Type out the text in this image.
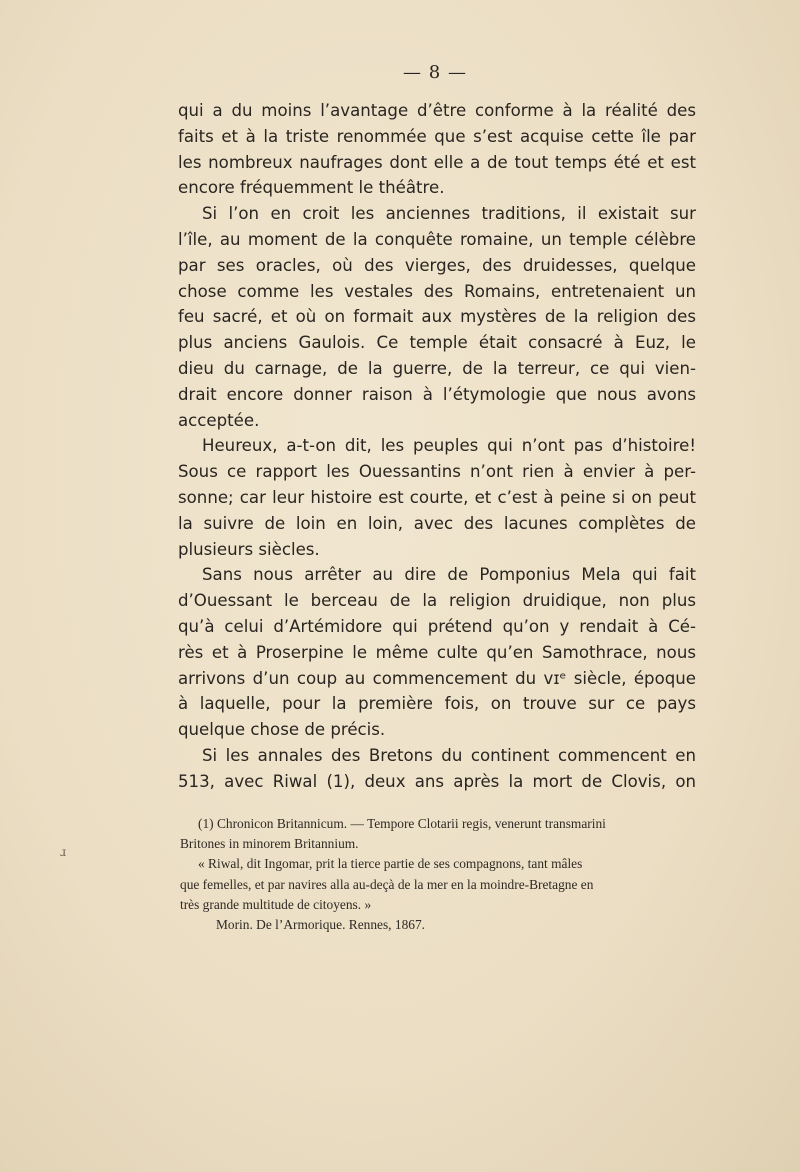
— 8 —

qui a du moins l’avantage d’être conforme à la réalité des
faits et à la triste renommée que s’est acquise cette île par
les nombreux naufrages dont elle a de tout temps été et est
encore fréquemment le théâtre.

Si l’on en croit les anciennes traditions, il existait sur
l’île, au moment de la conquête romaine, un temple célèbre
par ses oracles, où des vierges, des druidesses, quelque
chose comme les vestales des Romains, entretenaient un
feu sacré, et où on formait aux mystères de la religion des
plus anciens Gaulois. Ce temple était consacré à Euz, le
dieu du carnage, de la guerre, de la terreur, ce qui vien-
drait encore donner raison à l’étymologie que nous avons
acceptée.

Heureux, a-t-on dit, les peuples qui n’ont pas d’histoire!
Sous ce rapport les Ouessantins n’ont rien à envier à per-
sonne; car leur histoire est courte, et c’est à peine si on peut
la suivre de loin en loin, avec des lacunes complètes de
plusieurs siècles.

Sans nous arrêter au dire de Pomponius Mela qui fait
d’Ouessant le berceau de la religion druidique, non plus
qu’à celui d’Artémidore qui prétend qu’on y rendait à Cé-
rès et à Proserpine le même culte qu’en Samothrace, nous
arrivons d’un coup au commencement du vɪᵉ siècle, époque
à laquelle, pour la première fois, on trouve sur ce pays
quelque chose de précis.

Si les annales des Bretons du continent commencent en
513, avec Riwal (1), deux ans après la mort de Clovis, on

(1) Chronicon Britannicum. — Tempore Clotarii regis, venerunt transmarini
Britones in minorem Britannium.
« Riwal, dit Ingomar, prit la tierce partie de ses compagnons, tant mâles
que femelles, et par navires alla au-deçà de la mer en la moindre-Bretagne en
très grande multitude de citoyens. »
Morin. De l’Armorique. Rennes, 1867.
ɹ
